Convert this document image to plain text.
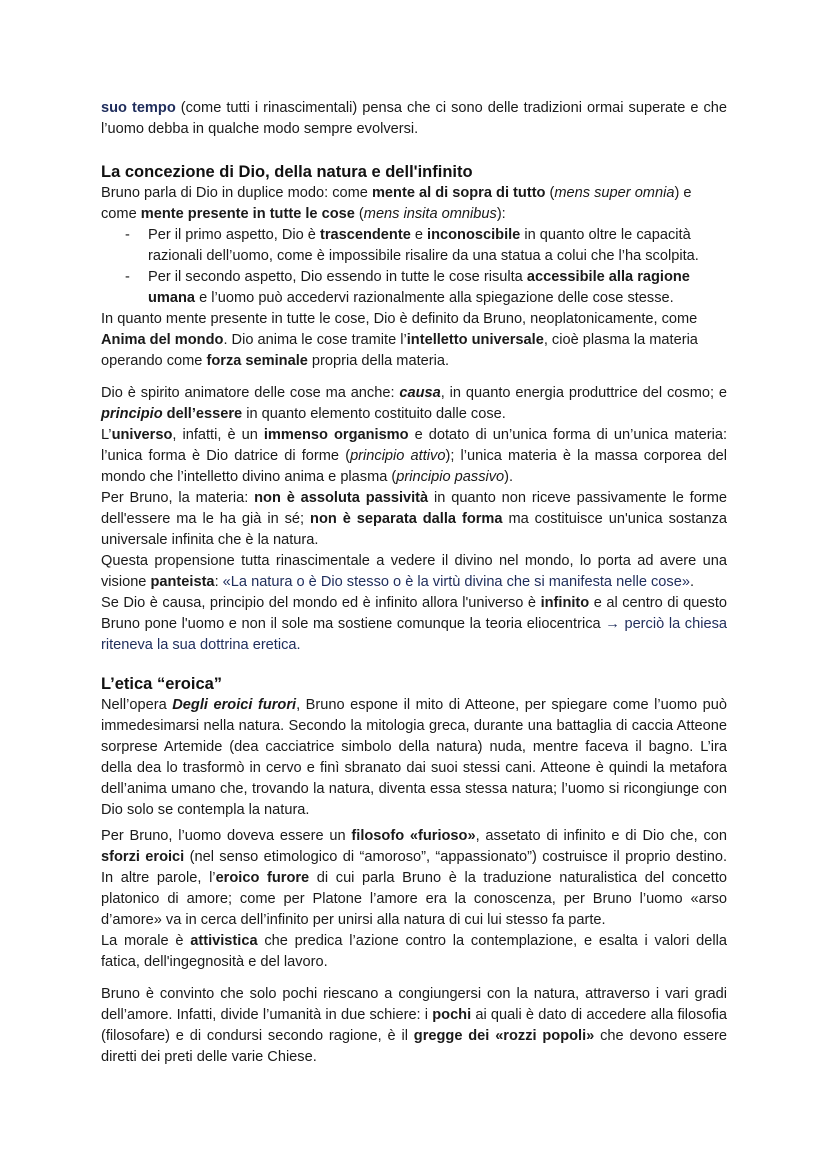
suo tempo (come tutti i rinascimentali) pensa che ci sono delle tradizioni ormai superate e che l’uomo debba in qualche modo sempre evolversi.

La concezione di Dio, della natura e dell'infinito

Bruno parla di Dio in duplice modo: come mente al di sopra di tutto (mens super omnia) e come mente presente in tutte le cose (mens insita omnibus):

- Per il primo aspetto, Dio è trascendente e inconoscibile in quanto oltre le capacità razionali dell’uomo, come è impossibile risalire da una statua a colui che l’ha scolpita.
- Per il secondo aspetto, Dio essendo in tutte le cose risulta accessibile alla ragione umana e l’uomo può accedervi razionalmente alla spiegazione delle cose stesse.

In quanto mente presente in tutte le cose, Dio è definito da Bruno, neoplatonicamente, come Anima del mondo. Dio anima le cose tramite l’intelletto universale, cioè plasma la materia operando come forza seminale propria della materia.

Dio è spirito animatore delle cose ma anche: causa, in quanto energia produttrice del cosmo; e principio dell’essere in quanto elemento costituito dalle cose.

L’universo, infatti, è un immenso organismo e dotato di un’unica forma di un’unica materia: l’unica forma è Dio datrice di forme (principio attivo); l’unica materia è la massa corporea del mondo che l’intelletto divino anima e plasma (principio passivo).

Per Bruno, la materia: non è assoluta passività in quanto non riceve passivamente le forme dell'essere ma le ha già in sé; non è separata dalla forma ma costituisce un'unica sostanza universale infinita che è la natura.

Questa propensione tutta rinascimentale a vedere il divino nel mondo, lo porta ad avere una visione panteista: «La natura o è Dio stesso o è la virtù divina che si manifesta nelle cose».

Se Dio è causa, principio del mondo ed è infinito allora l'universo è infinito e al centro di questo Bruno pone l'uomo e non il sole ma sostiene comunque la teoria eliocentrica → perciò la chiesa riteneva la sua dottrina eretica.

L’etica “eroica”

Nell’opera Degli eroici furori, Bruno espone il mito di Atteone, per spiegare come l’uomo può immedesimarsi nella natura. Secondo la mitologia greca, durante una battaglia di caccia Atteone sorprese Artemide (dea cacciatrice simbolo della natura) nuda, mentre faceva il bagno. L’ira della dea lo trasformò in cervo e finì sbranato dai suoi stessi cani. Atteone è quindi la metafora dell’anima umano che, trovando la natura, diventa essa stessa natura; l’uomo si ricongiunge con Dio solo se contempla la natura.

Per Bruno, l’uomo doveva essere un filosofo «furioso», assetato di infinito e di Dio che, con sforzi eroici (nel senso etimologico di “amoroso”, “appassionato”) costruisce il proprio destino. In altre parole, l’eroico furore di cui parla Bruno è la traduzione naturalistica del concetto platonico di amore; come per Platone l’amore era la conoscenza, per Bruno l’uomo «arso d’amore» va in cerca dell’infinito per unirsi alla natura di cui lui stesso fa parte.

La morale è attivistica che predica l’azione contro la contemplazione, e esalta i valori della fatica, dell'ingegnosità e del lavoro.

Bruno è convinto che solo pochi riescano a congiungersi con la natura, attraverso i vari gradi dell’amore. Infatti, divide l’umanità in due schiere: i pochi ai quali è dato di accedere alla filosofia (filosofare) e di condursi secondo ragione, è il gregge dei «rozzi popoli» che devono essere diretti dei preti delle varie Chiese.
